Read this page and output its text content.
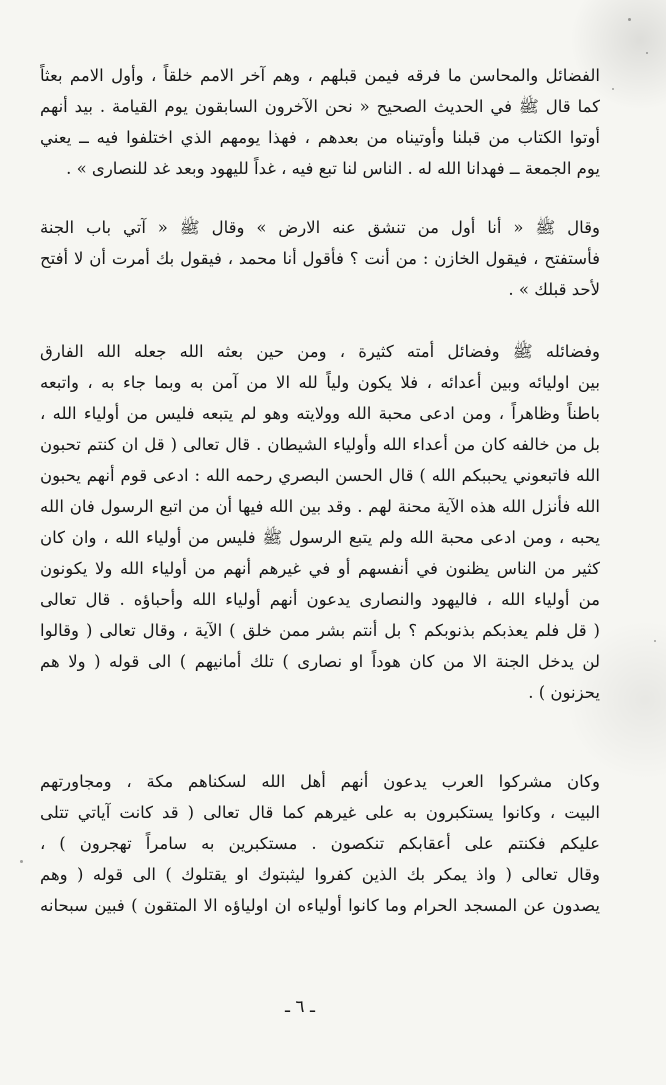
الفضائل والمحاسن ما فرقه فيمن قبلهم ، وهم آخر الامم خلقاً ، وأول الامم بعثاً
كما قال ﷺ في الحديث الصحيح « نحن الآخرون السابقون يوم القيامة . بيد أنهم
أوتوا الكتاب من قبلنا وأوتيناه من بعدهم ، فهذا يومهم الذي اختلفوا فيه ــ يعني
يوم الجمعة ــ فهدانا الله له . الناس لنا تبع فيه ، غداً لليهود وبعد غد للنصارى » .
وقال ﷺ « أنا أول من تنشق عنه الارض » وقال ﷺ « آتي باب الجنة
فأستفتح ، فيقول الخازن : من أنت ؟ فأقول أنا محمد ، فيقول بك أمرت أن لا أفتح
لأحد قبلك » .
وفضائله ﷺ وفضائل أمته كثيرة ، ومن حين بعثه الله جعله الله الفارق
بين اوليائه وبين أعدائه ، فلا يكون ولياً لله الا من آمن به وبما جاء به ، واتبعه
باطناً وظاهراً ، ومن ادعى محبة الله وولايته وهو لم يتبعه فليس من أولياء الله ،
بل من خالفه كان من أعداء الله وأولياء الشيطان . قال تعالى ( قل ان كنتم تحبون
الله فاتبعوني يحببكم الله ) قال الحسن البصري رحمه الله : ادعى قوم أنهم يحبون
الله فأنزل الله هذه الآية محنة لهم . وقد بين الله فيها أن من اتبع الرسول فان الله
يحبه ، ومن ادعى محبة الله ولم يتبع الرسول ﷺ فليس من أولياء الله ، وان كان
كثير من الناس يظنون في أنفسهم أو في غيرهم أنهم من أولياء الله ولا يكونون
من أولياء الله ، فاليهود والنصارى يدعون أنهم أولياء الله وأحباؤه . قال تعالى
( قل فلم يعذبكم بذنوبكم ؟ بل أنتم بشر ممن خلق ) الآية ، وقال تعالى ( وقالوا
لن يدخل الجنة الا من كان هوداً او نصارى ) تلك أمانيهم ) الى قوله ( ولا هم
يحزنون ) .
وكان مشركوا العرب يدعون أنهم أهل الله لسكناهم مكة ، ومجاورتهم
البيت ، وكانوا يستكبرون به على غيرهم كما قال تعالى ( قد كانت آياتي تتلى
عليكم فكنتم على أعقابكم تنكصون . مستكبرين به سامراً تهجرون ) ،
وقال تعالى ( واذ يمكر بك الذين كفروا ليثبتوك او يقتلوك ) الى قوله ( وهم
يصدون عن المسجد الحرام وما كانوا أولياءه ان اولياؤه الا المتقون ) فبين سبحانه
ـ ٦ ـ
